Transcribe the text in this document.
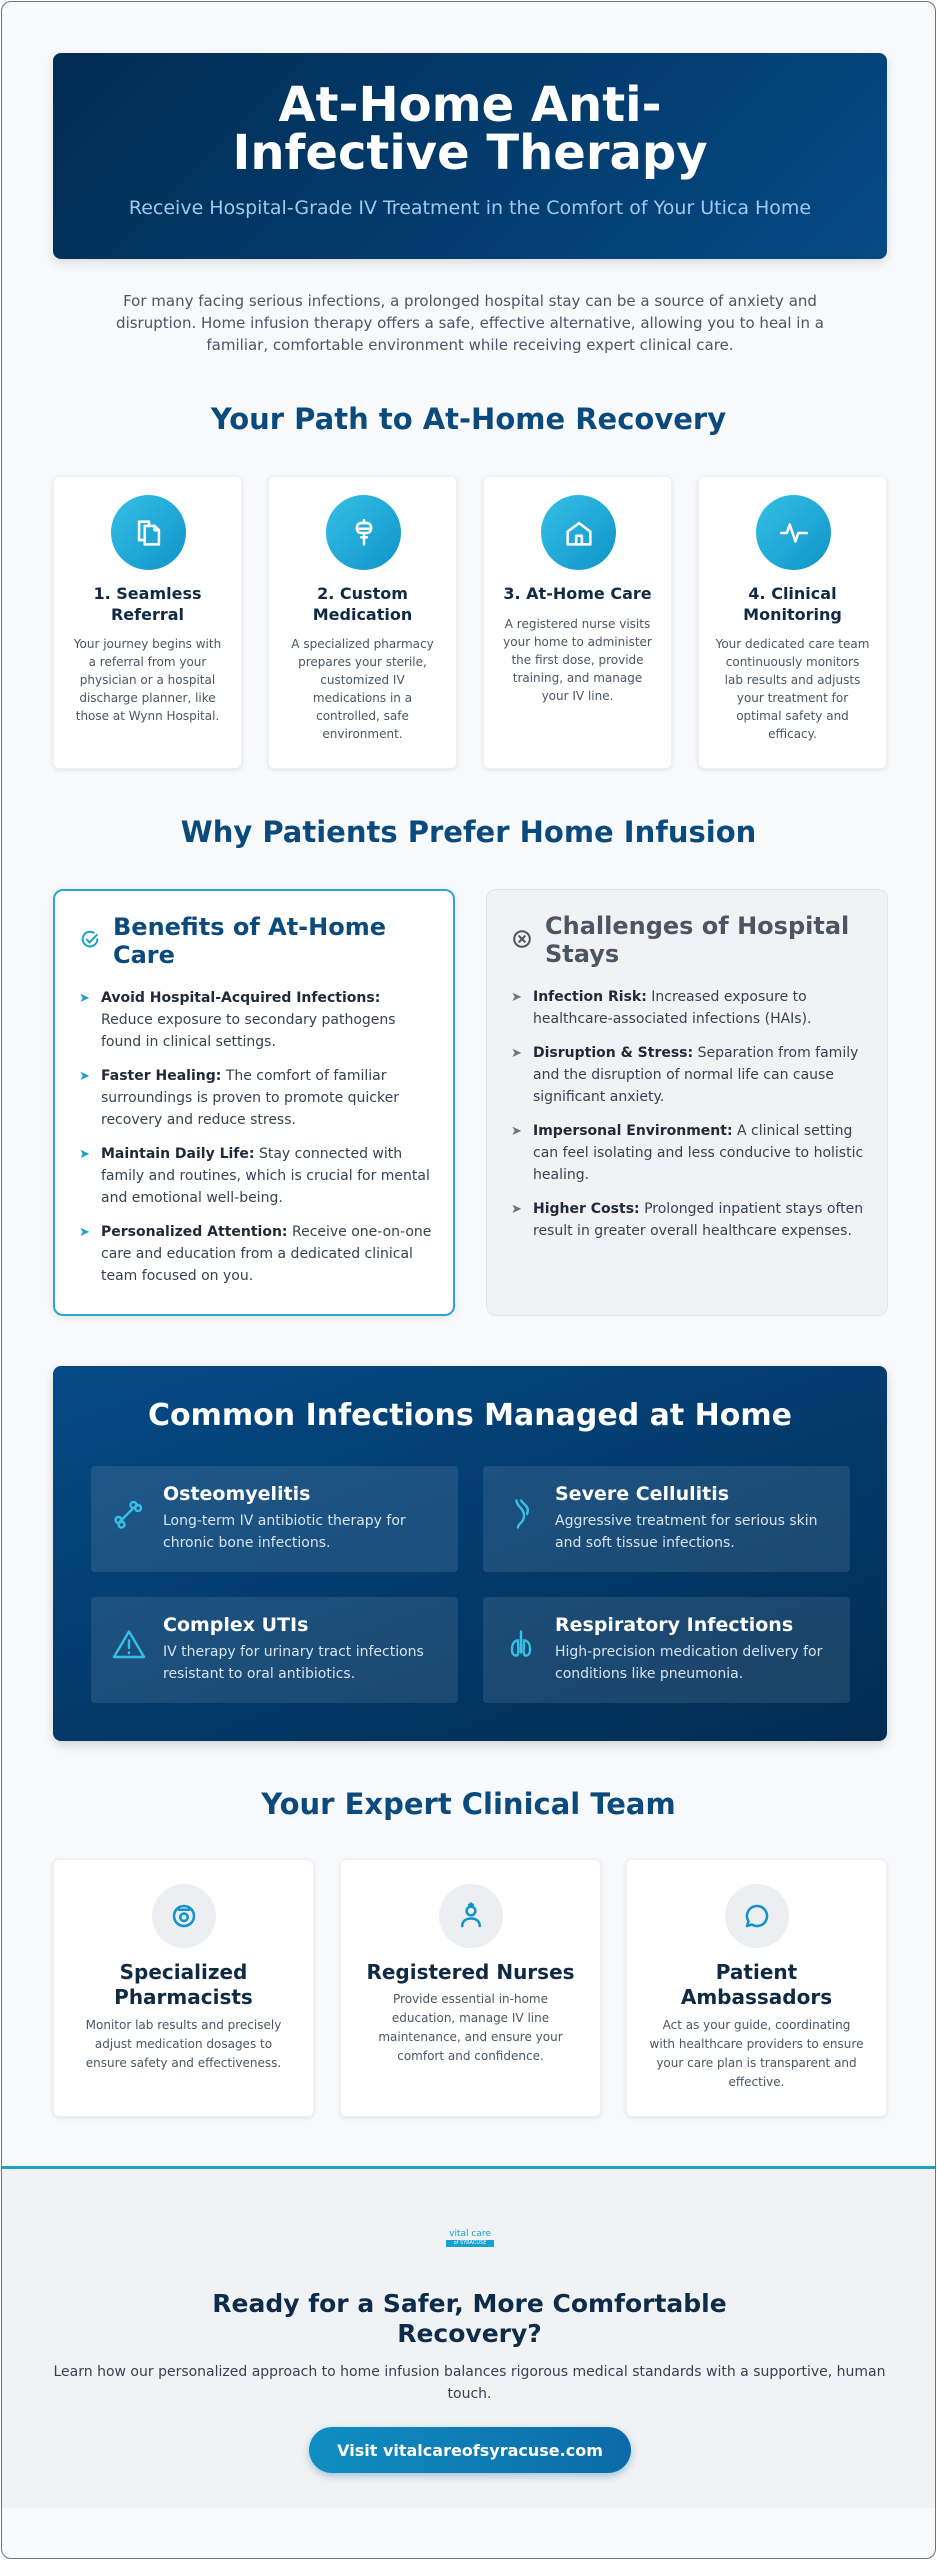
At-Home Anti-Infective Therapy

Receive Hospital-Grade IV Treatment in the Comfort of Your Utica Home

For many facing serious infections, a prolonged hospital stay can be a source of anxiety and disruption. Home infusion therapy offers a safe, effective alternative, allowing you to heal in a familiar, comfortable environment while receiving expert clinical care.

Your Path to At-Home Recovery
1. Seamless Referral

Your journey begins with a referral from your physician or a hospital discharge planner, like those at Wynn Hospital.

2. Custom Medication

A specialized pharmacy prepares your sterile, customized IV medications in a controlled, safe environment.

3. At-Home Care

A registered nurse visits your home to administer the first dose, provide training, and manage your IV line.

4. Clinical Monitoring

Your dedicated care team continuously monitors lab results and adjusts your treatment for optimal safety and efficacy.

Why Patients Prefer Home Infusion
Benefits of At-Home Care
➤ Avoid Hospital-Acquired Infections: Reduce exposure to secondary pathogens found in clinical settings.
➤ Faster Healing: The comfort of familiar surroundings is proven to promote quicker recovery and reduce stress.
➤ Maintain Daily Life: Stay connected with family and routines, which is crucial for mental and emotional well-being.
➤ Personalized Attention: Receive one-on-one care and education from a dedicated clinical team focused on you.
Challenges of Hospital Stays
➤ Infection Risk: Increased exposure to healthcare-associated infections (HAIs).
➤ Disruption & Stress: Separation from family and the disruption of normal life can cause significant anxiety.
➤ Impersonal Environment: A clinical setting can feel isolating and less conducive to holistic healing.
➤ Higher Costs: Prolonged inpatient stays often result in greater overall healthcare expenses.
Common Infections Managed at Home
Osteomyelitis

Long-term IV antibiotic therapy for chronic bone infections.

Severe Cellulitis

Aggressive treatment for serious skin and soft tissue infections.

Complex UTIs

IV therapy for urinary tract infections resistant to oral antibiotics.

Respiratory Infections

High-precision medication delivery for conditions like pneumonia.

Your Expert Clinical Team
Specialized Pharmacists

Monitor lab results and precisely adjust medication dosages to ensure safety and effectiveness.

Registered Nurses

Provide essential in-home education, manage IV line maintenance, and ensure your comfort and confidence.

Patient Ambassadors

Act as your guide, coordinating with healthcare providers to ensure your care plan is transparent and effective.

vital care
of SYRACUSE
Ready for a Safer, More Comfortable Recovery?

Learn how our personalized approach to home infusion balances rigorous medical standards with a supportive, human touch.

Visit vitalcareofsyracuse.com
